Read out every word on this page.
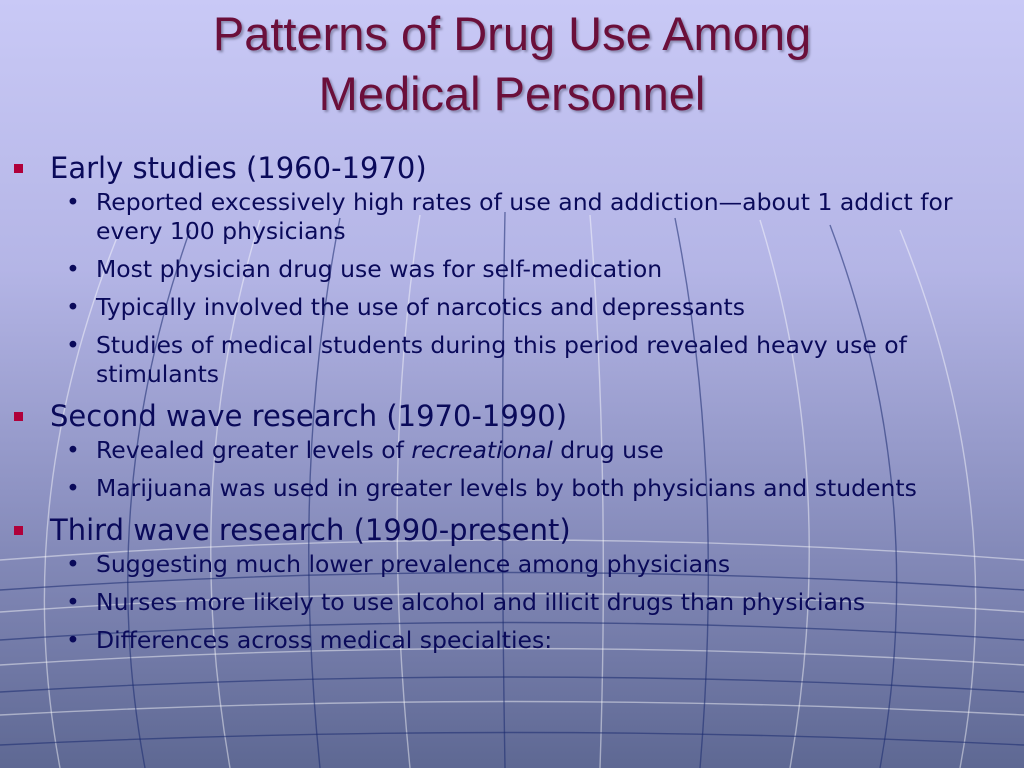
Patterns of Drug Use Among
Medical Personnel

Early studies (1960-1970)

• Reported excessively high rates of use and addiction—about 1 addict for every 100 physicians
• Most physician drug use was for self-medication
• Typically involved the use of narcotics and depressants
• Studies of medical students during this period revealed heavy use of stimulants

Second wave research (1970-1990)

• Revealed greater levels of recreational drug use
• Marijuana was used in greater levels by both physicians and students

Third wave research (1990-present)

• Suggesting much lower prevalence among physicians
• Nurses more likely to use alcohol and illicit drugs than physicians
• Differences across medical specialties:
